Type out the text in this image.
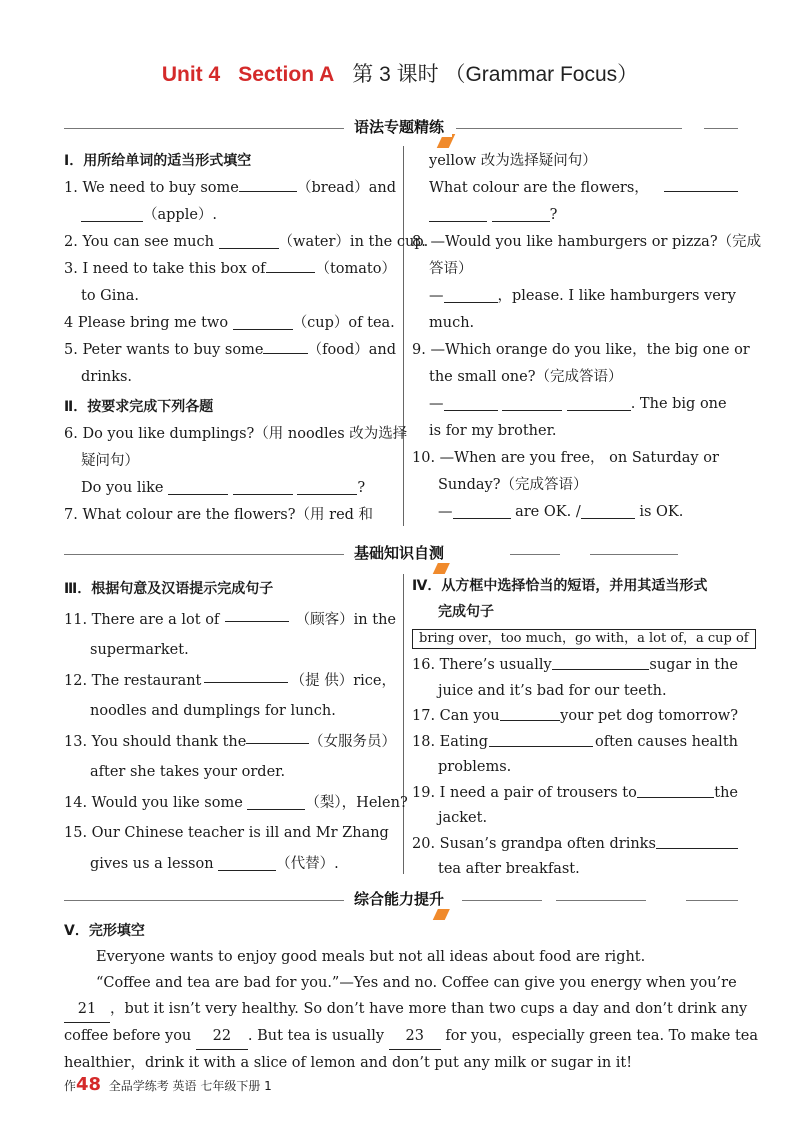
Unit 4 Section A 第 3 课时 （Grammar Focus）
语法专题精练
Ⅰ．用所给单词的适当形式填空
1. We need to buy some	（bread）and
（apple）.
2. You can see much	（water）in the cup.
3. I need to take this box of	（tomato）
to Gina.
4 Please bring me two	（cup）of tea.
5. Peter wants to buy some	（food）and
drinks.
Ⅱ．按要求完成下列各题
6. Do you like dumplings?（用 noodles 改为选择
疑问句）
Do you like	?
7. What colour are the flowers?（用 red 和
yellow 改为选择疑问句）
What colour are the flowers，
?
8. —Would you like hamburgers or pizza?（完成
答语）
—	，please. I like hamburgers very
much.
9. —Which orange do you like，the big one or
the small one?（完成答语）
—	. The big one
is for my brother.
10. —When are you free， on Saturday or
Sunday?（完成答语）
—	are OK. /	is OK.
基础知识自测
Ⅲ．根据句意及汉语提示完成句子
11. There are a lot of	（顾客）in the
supermarket.
12. The restaurant	（提 供）rice，
noodles and dumplings for lunch.
13. You should thank the	（女服务员）
after she takes your order.
14. Would you like some	（梨），Helen?
15. Our Chinese teacher is ill and Mr Zhang
gives us a lesson	（代替）.
Ⅳ．从方框中选择恰当的短语，并用其适当形式
完成句子
bring over，too much，go with，a lot of，a cup of
16. There’s usually	sugar in the
juice and it’s bad for our teeth.
17. Can you	your pet dog tomorrow?
18. Eating	often causes health
problems.
19. I need a pair of trousers to	the
jacket.
20. Susan’s grandpa often drinks
tea after breakfast.
综合能力提升
Ⅴ．完形填空

Everyone wants to enjoy good meals but not all ideas about food are right.

“Coffee and tea are bad for you.”—Yes and no. Coffee can give you energy when you’re

21 ，but it isn’t very healthy. So don’t have more than two cups a day and don’t drink any
coffee before you 22 . But tea is usually 23 for you，especially green tea. To make tea
healthier，drink it with a slice of lemon and don’t put any milk or sugar in it!
作48 全品学练考 英语 七年级下册 1
